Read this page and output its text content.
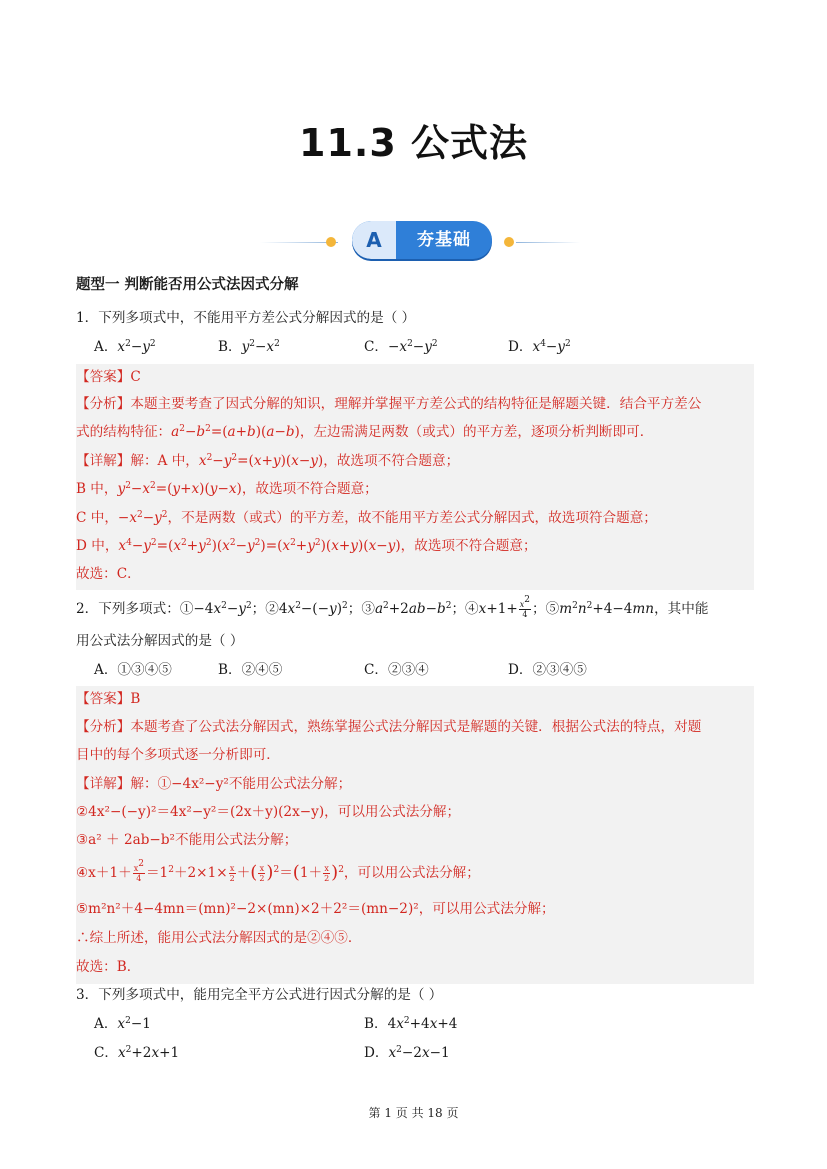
11.3 公式法
A	夯基础
题型一 判断能否用公式法因式分解
1．下列多项式中，不能用平方差公式分解因式的是（ ）
A．$x^2-y^2$	B．$y^2-x^2$	C．$-x^2-y^2$	D．$x^4-y^2$
【答案】C
【分析】本题主要考查了因式分解的知识，理解并掌握平方差公式的结构特征是解题关键．结合平方差公
式的结构特征：$a^2-b^2=(a+b)(a-b)$，左边需满足两数（或式）的平方差，逐项分析判断即可．
【详解】解：A 中，$x^2-y^2=(x+y)(x-y)$，故选项不符合题意；
B 中，$y^2-x^2=(y+x)(y-x)$，故选项不符合题意；
C 中，$-x^2-y^2$，不是两数（或式）的平方差，故不能用平方差公式分解因式，故选项符合题意；
D 中，$x^4-y^2=(x^2+y^2)(x^2-y^2)=(x^2+y^2)(x+y)(x-y)$，故选项不符合题意；
故选：C．
2．下列多项式：$①-4x^2-y^2$；$②4x^2-(-y)^2$；$③a^2+2ab-b^2$；④x+1+ $\frac{x^2}{4}$ ；$⑤m^2n^2+4-4mn$，其中能
用公式法分解因式的是（ ）
A．①③④⑤	B．②④⑤	C．②③④	D．②③④⑤
【答案】B
【分析】本题考查了公式法分解因式，熟练掌握公式法分解因式是解题的关键．根据公式法的特点，对题
目中的每个多项式逐一分析即可．
【详解】解：①−4x²−y²不能用公式法分解；
②4x²−(−y)²＝4x²−y²＝(2x＋y)(2x−y)，可以用公式法分解；
③a² ＋ 2ab−b²不能用公式法分解；
④x＋1＋ $\frac{x^2}{4} =1^2+2\times 1\times \frac{x}{2}$ ＋( $\frac{x}{2} )^2=(1+ \frac{x}{2} )^2$，可以用公式法分解；
⑤m²n²＋4−4mn＝(mn)²−2×(mn)×2＋2²＝(mn−2)²，可以用公式法分解；
∴综上所述，能用公式法分解因式的是②④⑤．
故选：B．
3．下列多项式中，能用完全平方公式进行因式分解的是（ ）
A．$x^2-1$	B．$4x^2+4x+4$
C．$x^2+2x+1$	D．$x^2-2x-1$
第 1 页 共 18 页
